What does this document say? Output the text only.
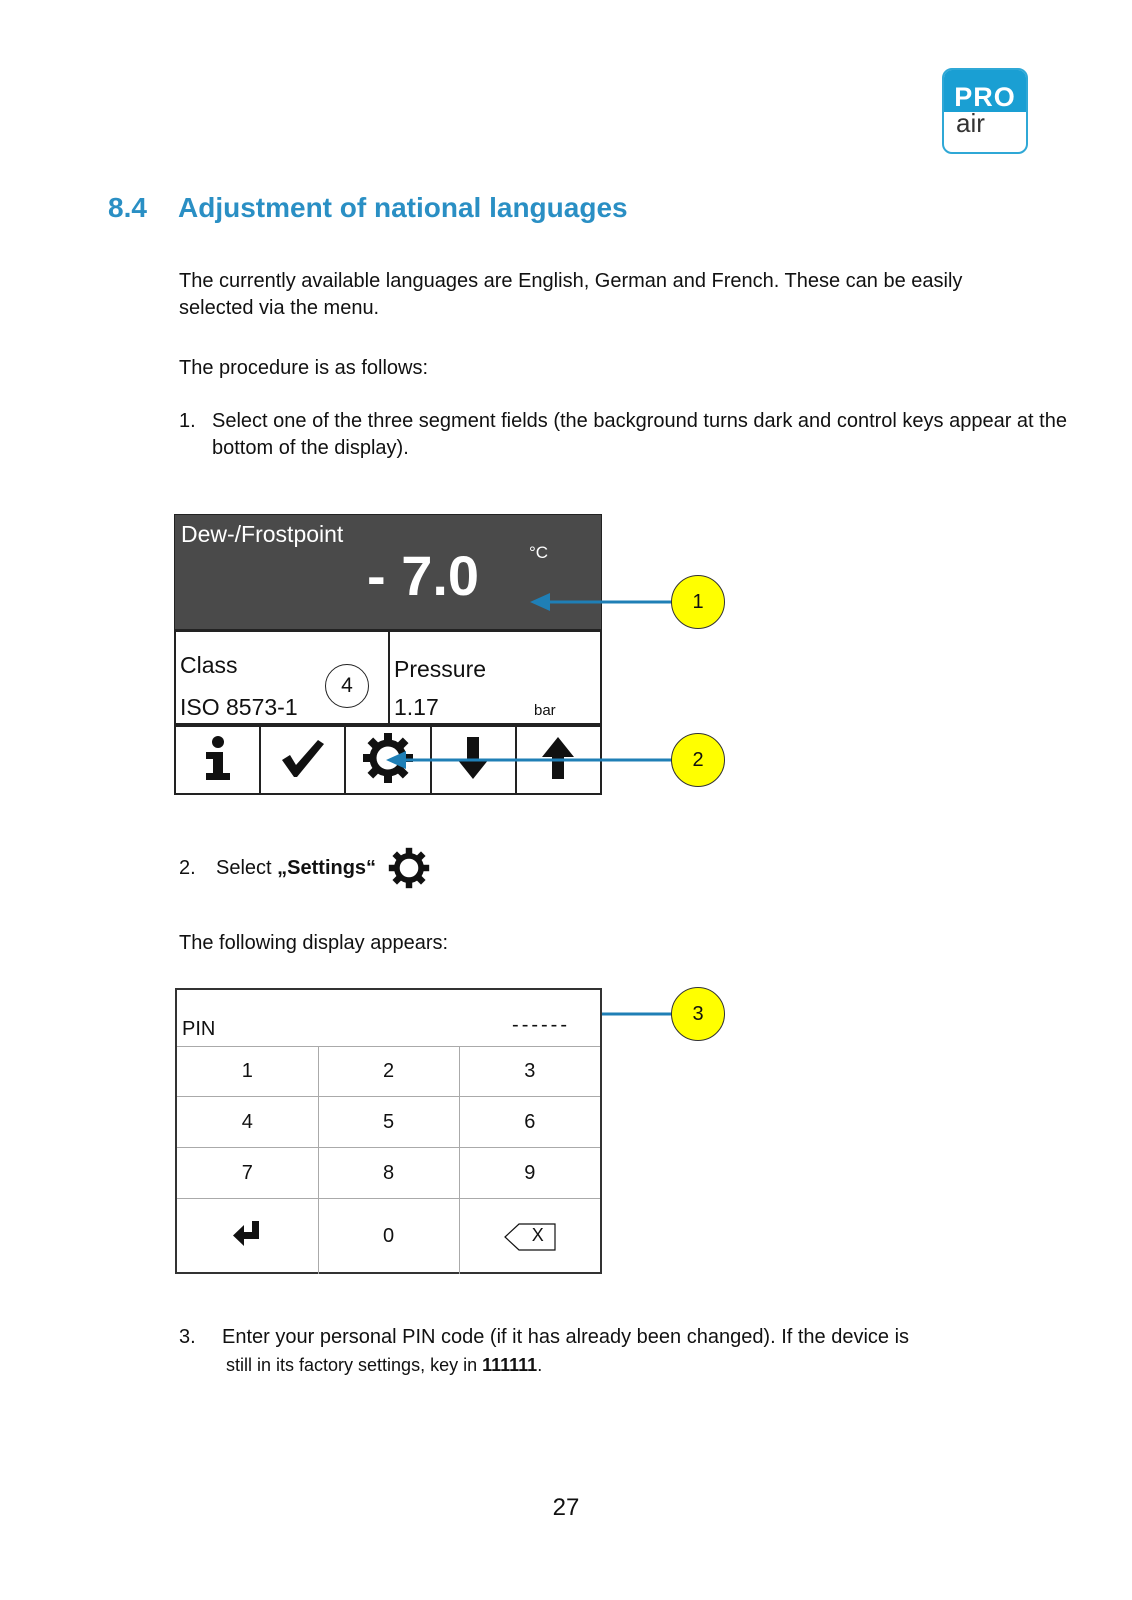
PRO
air
8.4 Adjustment of national languages
The currently available languages are English, German and French. These can be easily selected via the menu.
The procedure is as follows:
1. Select one of the three segment fields (the background turns dark and control keys appear at the bottom of the display).
Dew-/Frostpoint
- 7.0	°C
Class
ISO 8573-1
Pressure
1.17	bar
4
1
2
3
2. Select „Settings“
The following display appears:
PIN	------
1	2	3
4	5	6
7	8	9
	0	X
3. Enter your personal PIN code (if it has already been changed). If the device is
still in its factory settings, key in 111111.
27
